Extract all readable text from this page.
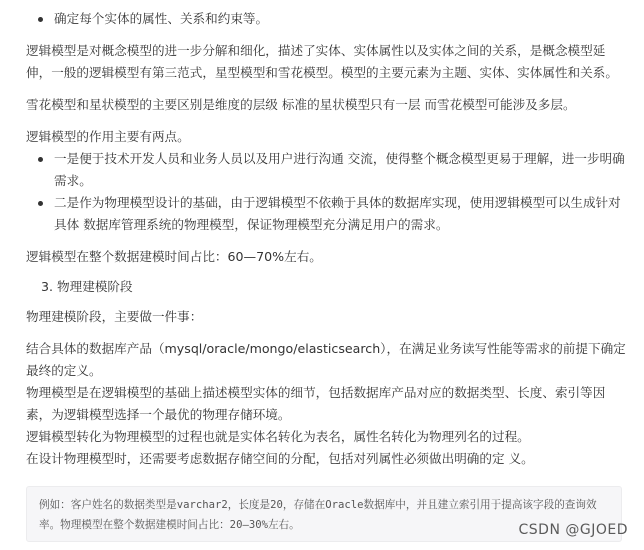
确定每个实体的属性、关系和约束等。

逻辑模型是对概念模型的进一步分解和细化，描述了实体、实体属性以及实体之间的关系，是概念模型延伸，一般的逻辑模型有第三范式，星型模型和雪花模型。模型的主要元素为主题、实体、实体属性和关系。

雪花模型和星状模型的主要区别是维度的层级 标准的星状模型只有一层 而雪花模型可能涉及多层。

逻辑模型的作用主要有两点。

一是便于技术开发人员和业务人员以及用户进行沟通 交流，使得整个概念模型更易于理解，进一步明确需求。
二是作为物理模型设计的基础，由于逻辑模型不依赖于具体的数据库实现，使用逻辑模型可以生成针对具体 数据库管理系统的物理模型，保证物理模型充分满足用户的需求。

逻辑模型在整个数据建模时间占比：60—70%左右。

3. 物理建模阶段

物理建模阶段，主要做一件事：

结合具体的数据库产品（mysql/oracle/mongo/elasticsearch），在满足业务读写性能等需求的前提下确定最终的定义。

物理模型是在逻辑模型的基础上描述模型实体的细节，包括数据库产品对应的数据类型、长度、索引等因素，为逻辑模型选择一个最优的物理存储环境。

逻辑模型转化为物理模型的过程也就是实体名转化为表名，属性名转化为物理列名的过程。

在设计物理模型时，还需要考虑数据存储空间的分配，包括对列属性必须做出明确的定 义。

例如：客户姓名的数据类型是varchar2，长度是20，存储在Oracle数据库中，并且建立索引用于提高该字段的查询效率。物理模型在整个数据建模时间占比：20—30%左右。	CSDN @GJOED
